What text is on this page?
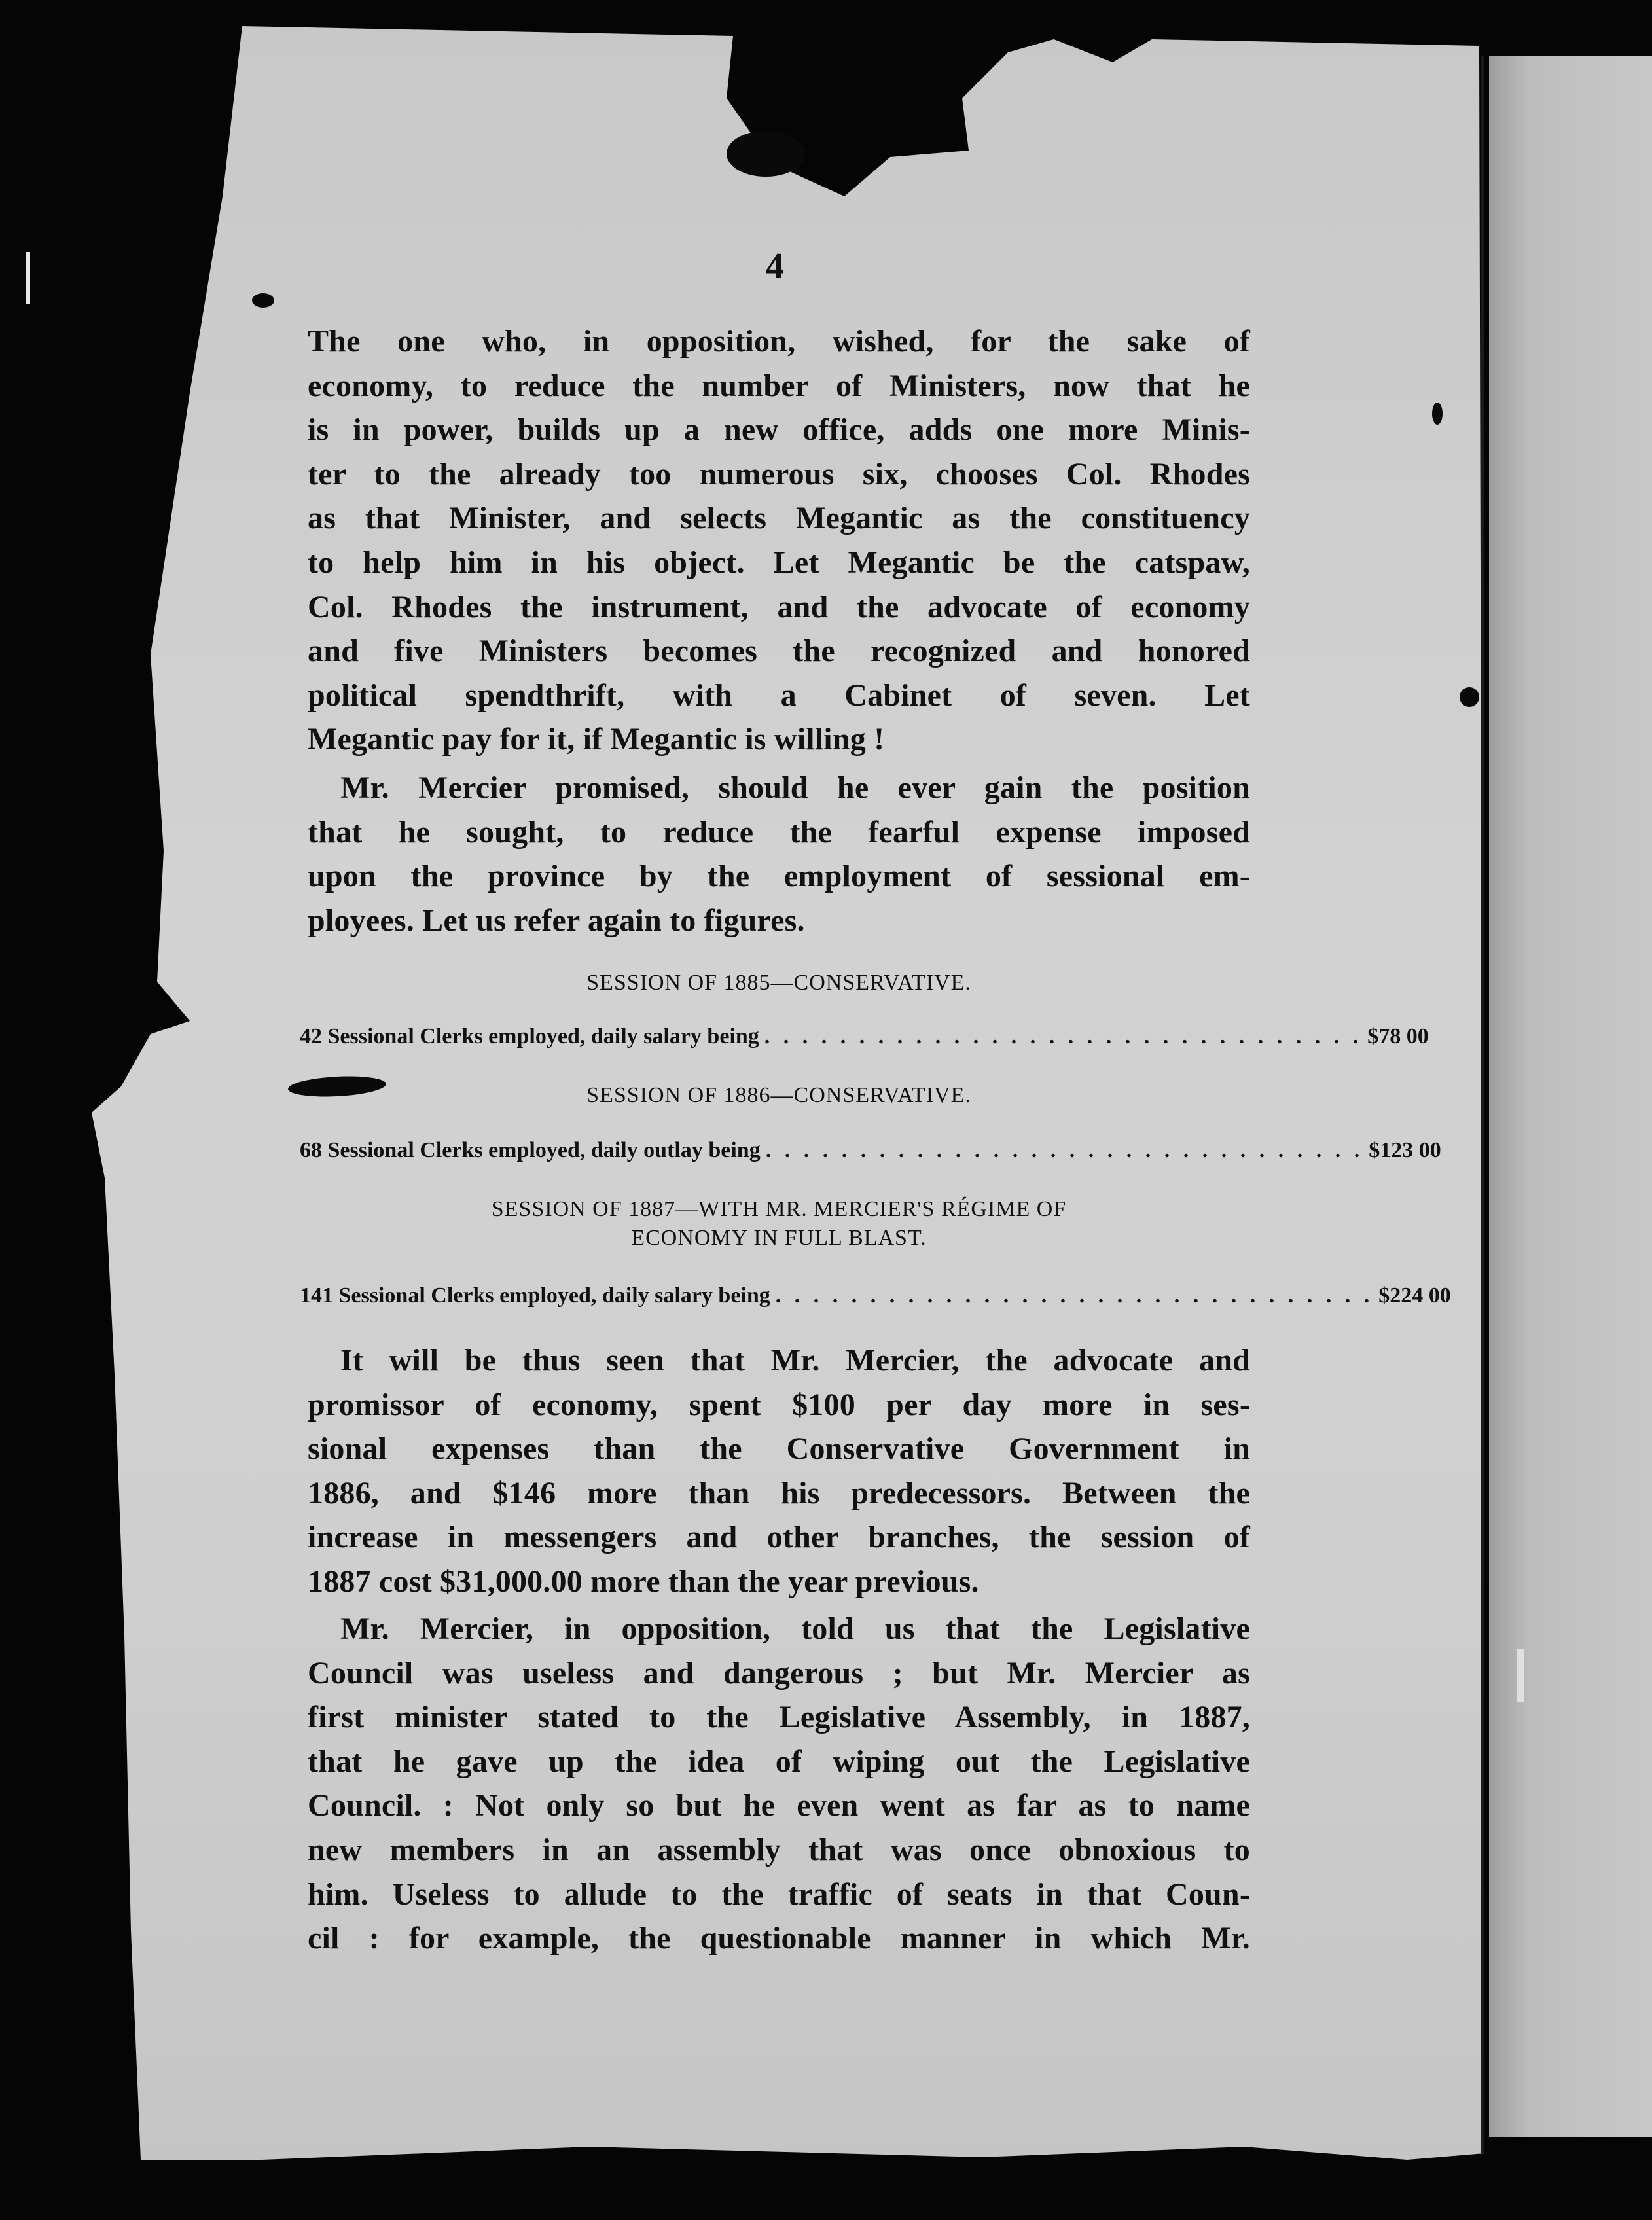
4
The one who, in opposition, wished, for the sake of
economy, to reduce the number of Ministers, now that he
is in power, builds up a new office, adds one more Minis-
ter to the already too numerous six, chooses Col. Rhodes
as that Minister, and selects Megantic as the constituency
to help him in his object. Let Megantic be the catspaw,
Col. Rhodes the instrument, and the advocate of economy
and five Ministers becomes the recognized and honored
political spendthrift, with a Cabinet of seven. Let
Megantic pay for it, if Megantic is willing !
Mr. Mercier promised, should he ever gain the position
that he sought, to reduce the fearful expense imposed
upon the province by the employment of sessional em-
ployees. Let us refer again to figures.
SESSION OF 1885—CONSERVATIVE.
42 Sessional Clerks employed, daily salary being . . . . . . . . . . . . . . . . . . . . . . . . . . . . . . . . $78 00
SESSION OF 1886—CONSERVATIVE.
68 Sessional Clerks employed, daily outlay being . . . . . . . . . . . . . . . . . . . . . . . . . . . . . . . . $123 00
SESSION OF 1887—WITH MR. MERCIER'S RÉGIME OF
ECONOMY IN FULL BLAST.
141 Sessional Clerks employed, daily salary being . . . . . . . . . . . . . . . . . . . . . . . . . . . . . . . . $224 00
It will be thus seen that Mr. Mercier, the advocate and
promissor of economy, spent $100 per day more in ses-
sional expenses than the Conservative Government in
1886, and $146 more than his predecessors. Between the
increase in messengers and other branches, the session of
1887 cost $31,000.00 more than the year previous.
Mr. Mercier, in opposition, told us that the Legislative
Council was useless and dangerous ; but Mr. Mercier as
first minister stated to the Legislative Assembly, in 1887,
that he gave up the idea of wiping out the Legislative
Council. : Not only so but he even went as far as to name
new members in an assembly that was once obnoxious to
him. Useless to allude to the traffic of seats in that Coun-
cil : for example, the questionable manner in which Mr.
